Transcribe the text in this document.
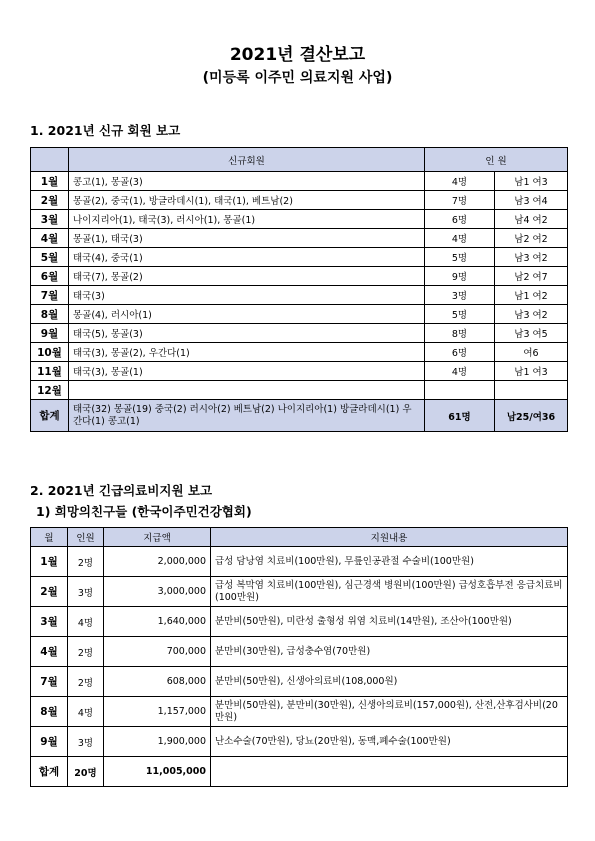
2021년 결산보고
(미등록 이주민 의료지원 사업)
1. 2021년 신규 회원 보고
	신규회원	인 원	
1월	콩고(1), 몽골(3)	4명	남1 여3
2월	몽골(2), 중국(1), 방글라데시(1), 태국(1), 베트남(2)	7명	남3 여4
3월	나이지리아(1), 태국(3), 러시아(1), 몽골(1)	6명	남4 여2
4월	몽골(1), 태국(3)	4명	남2 여2
5월	태국(4), 중국(1)	5명	남3 여2
6월	태국(7), 몽골(2)	9명	남2 여7
7월	태국(3)	3명	남1 여2
8월	몽골(4), 러시아(1)	5명	남3 여2
9월	태국(5), 몽골(3)	8명	남3 여5
10월	태국(3), 몽골(2), 우간다(1)	6명	여6
11월	태국(3), 몽골(1)	4명	남1 여3
12월			
합계	태국(32) 몽골(19) 중국(2) 러시아(2) 베트남(2) 나이지리아(1) 방글라데시(1) 우간다(1) 콩고(1)	61명	남25/여36
2. 2021년 긴급의료비지원 보고
1) 희망의친구들 (한국이주민건강협회)
월	인원	지급액	지원내용
1월	2명	2,000,000	급성 담낭염 치료비(100만원), 무릎인공관절 수술비(100만원)
2월	3명	3,000,000	급성 복막염 치료비(100만원), 심근경색 병원비(100만원) 급성호흡부전 응급치료비(100만원)
3월	4명	1,640,000	분만비(50만원), 미란성 출형성 위염 치료비(14만원), 조산아(100만원)
4월	2명	700,000	분만비(30만원), 급성충수염(70만원)
7월	2명	608,000	분만비(50만원), 신생아의료비(108,000원)
8월	4명	1,157,000	분만비(50만원), 분만비(30만원), 신생아의료비(157,000원), 산전,산후검사비(20만원)
9월	3명	1,900,000	난소수술(70만원), 당뇨(20만원), 동맥,폐수술(100만원)
합계	20명	11,005,000	
